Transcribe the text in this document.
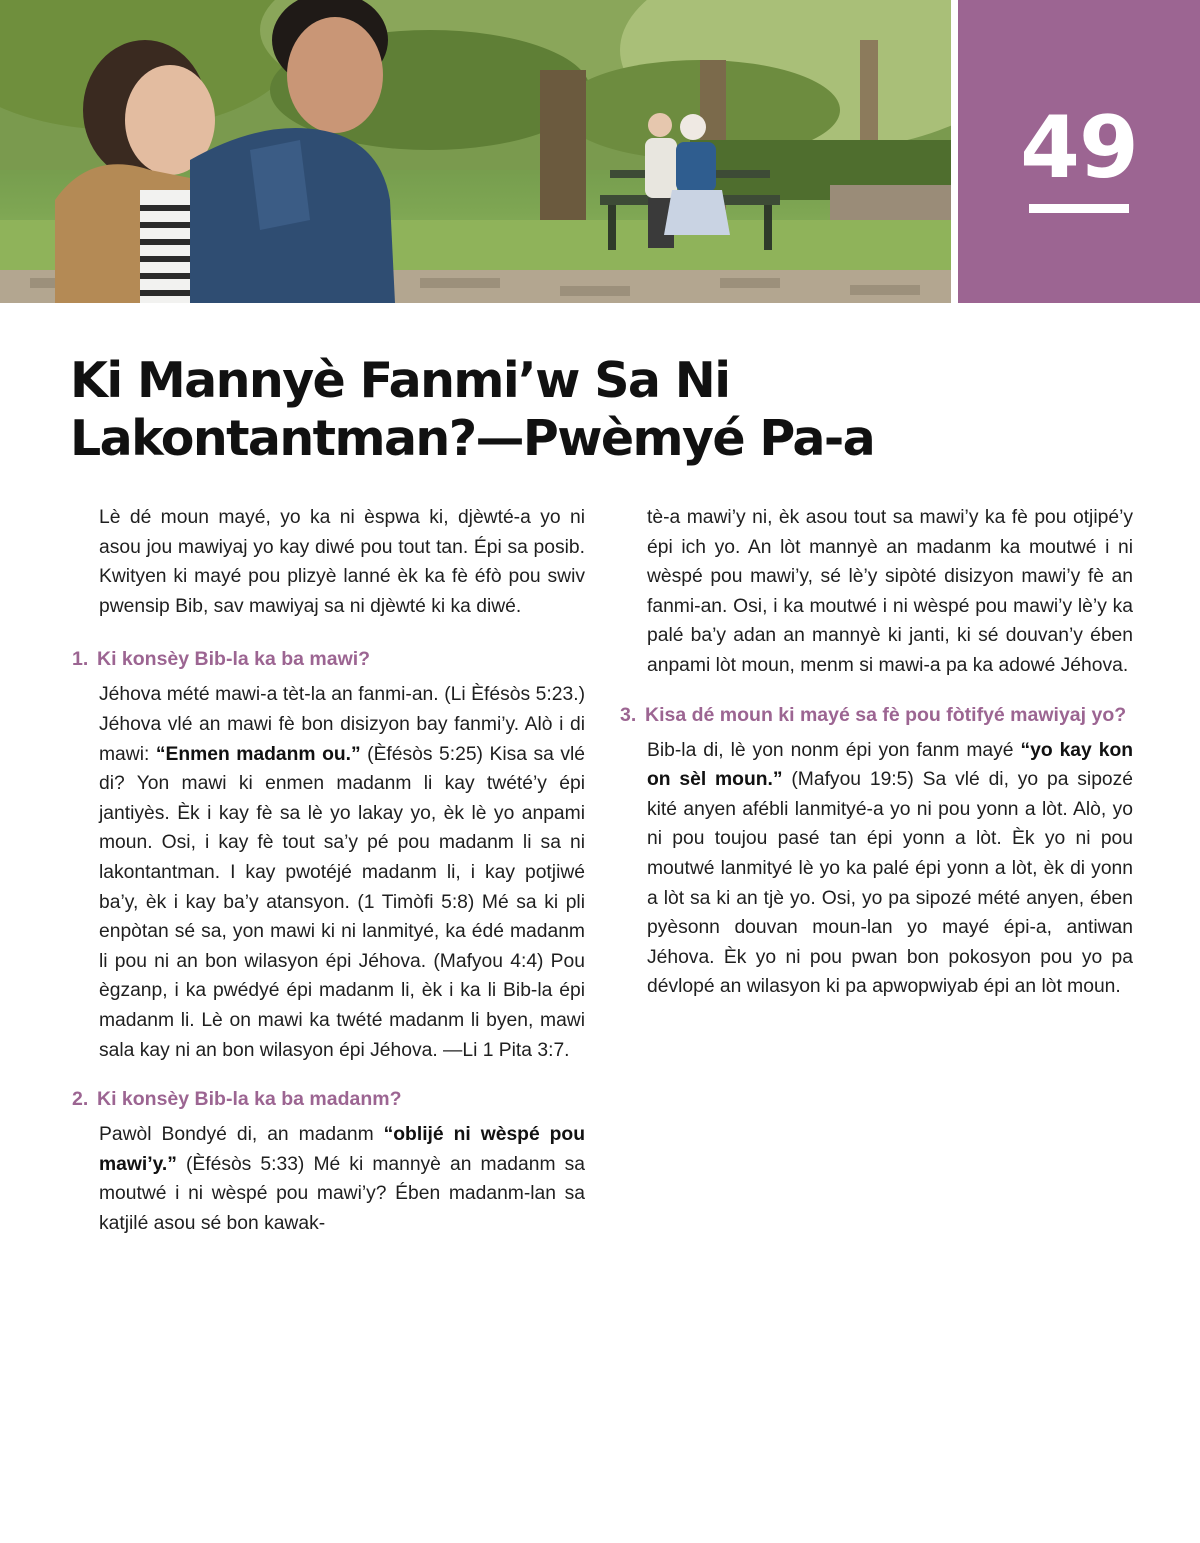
49
Ki Mannyè Fanmi’w Sa Ni
Lakontantman?—Pwèmyé Pa-a

Lè dé moun mayé, yo ka ni èspwa ki, djèwté-a yo ni asou jou mawiyaj yo kay diwé pou tout tan. Épi sa posib. Kwityen ki mayé pou plizyè lanné èk ka fè éfò pou swiv pwensip Bib, sav mawiyaj sa ni djèwté ki ka diwé.

1. Ki konsèy Bib-la ka ba mawi?

Jéhova mété mawi-a tèt-la an fanmi-an. (Li Èfésòs 5:23.) Jéhova vlé an mawi fè bon disizyon bay fanmi’y. Alò i di mawi: “Enmen madanm ou.” (Èfésòs 5:25) Kisa sa vlé di? Yon mawi ki enmen madanm li kay twété’y épi jantiyès. Èk i kay fè sa lè yo lakay yo, èk lè yo anpami moun. Osi, i kay fè tout sa’y pé pou madanm li sa ni lakontantman. I kay pwotéjé madanm li, i kay potjiwé ba’y, èk i kay ba’y atansyon. (1 Timòfi 5:8) Mé sa ki pli enpòtan sé sa, yon mawi ki ni lanmityé, ka édé madanm li pou ni an bon wilasyon épi Jéhova. (Mafyou 4:4) Pou ègzanp, i ka pwédyé épi madanm li, èk i ka li Bib-la épi madanm li. Lè on mawi ka twété madanm li byen, mawi sala kay ni an bon wilasyon épi Jéhova. —Li 1 Pita 3:7.

2. Ki konsèy Bib-la ka ba madanm?

Pawòl Bondyé di, an madanm “oblijé ni wèspé pou mawi’y.” (Èfésòs 5:33) Mé ki mannyè an madanm sa moutwé i ni wèspé pou mawi’y? Ében madanm-lan sa katjilé asou sé bon kawak-

tè-a mawi’y ni, èk asou tout sa mawi’y ka fè pou otjipé’y épi ich yo. An lòt mannyè an madanm ka moutwé i ni wèspé pou mawi’y, sé lè’y sipòté disizyon mawi’y fè an fanmi-an. Osi, i ka moutwé i ni wèspé pou mawi’y lè’y ka palé ba’y adan an mannyè ki janti, ki sé douvan’y ében anpami lòt moun, menm si mawi-a pa ka adowé Jéhova.

3. Kisa dé moun ki mayé sa fè pou fòtifyé mawiyaj yo?

Bib-la di, lè yon nonm épi yon fanm mayé “yo kay kon on sèl moun.” (Mafyou 19:5) Sa vlé di, yo pa sipozé kité anyen afébli lanmityé-a yo ni pou yonn a lòt. Alò, yo ni pou toujou pasé tan épi yonn a lòt. Èk yo ni pou moutwé lanmityé lè yo ka palé épi yonn a lòt, èk di yonn a lòt sa ki an tjè yo. Osi, yo pa sipozé mété anyen, ében pyèsonn douvan moun-lan yo mayé épi-a, antiwan Jéhova. Èk yo ni pou pwan bon pokosyon pou yo pa dévlopé an wilasyon ki pa apwopwiyab épi an lòt moun.
